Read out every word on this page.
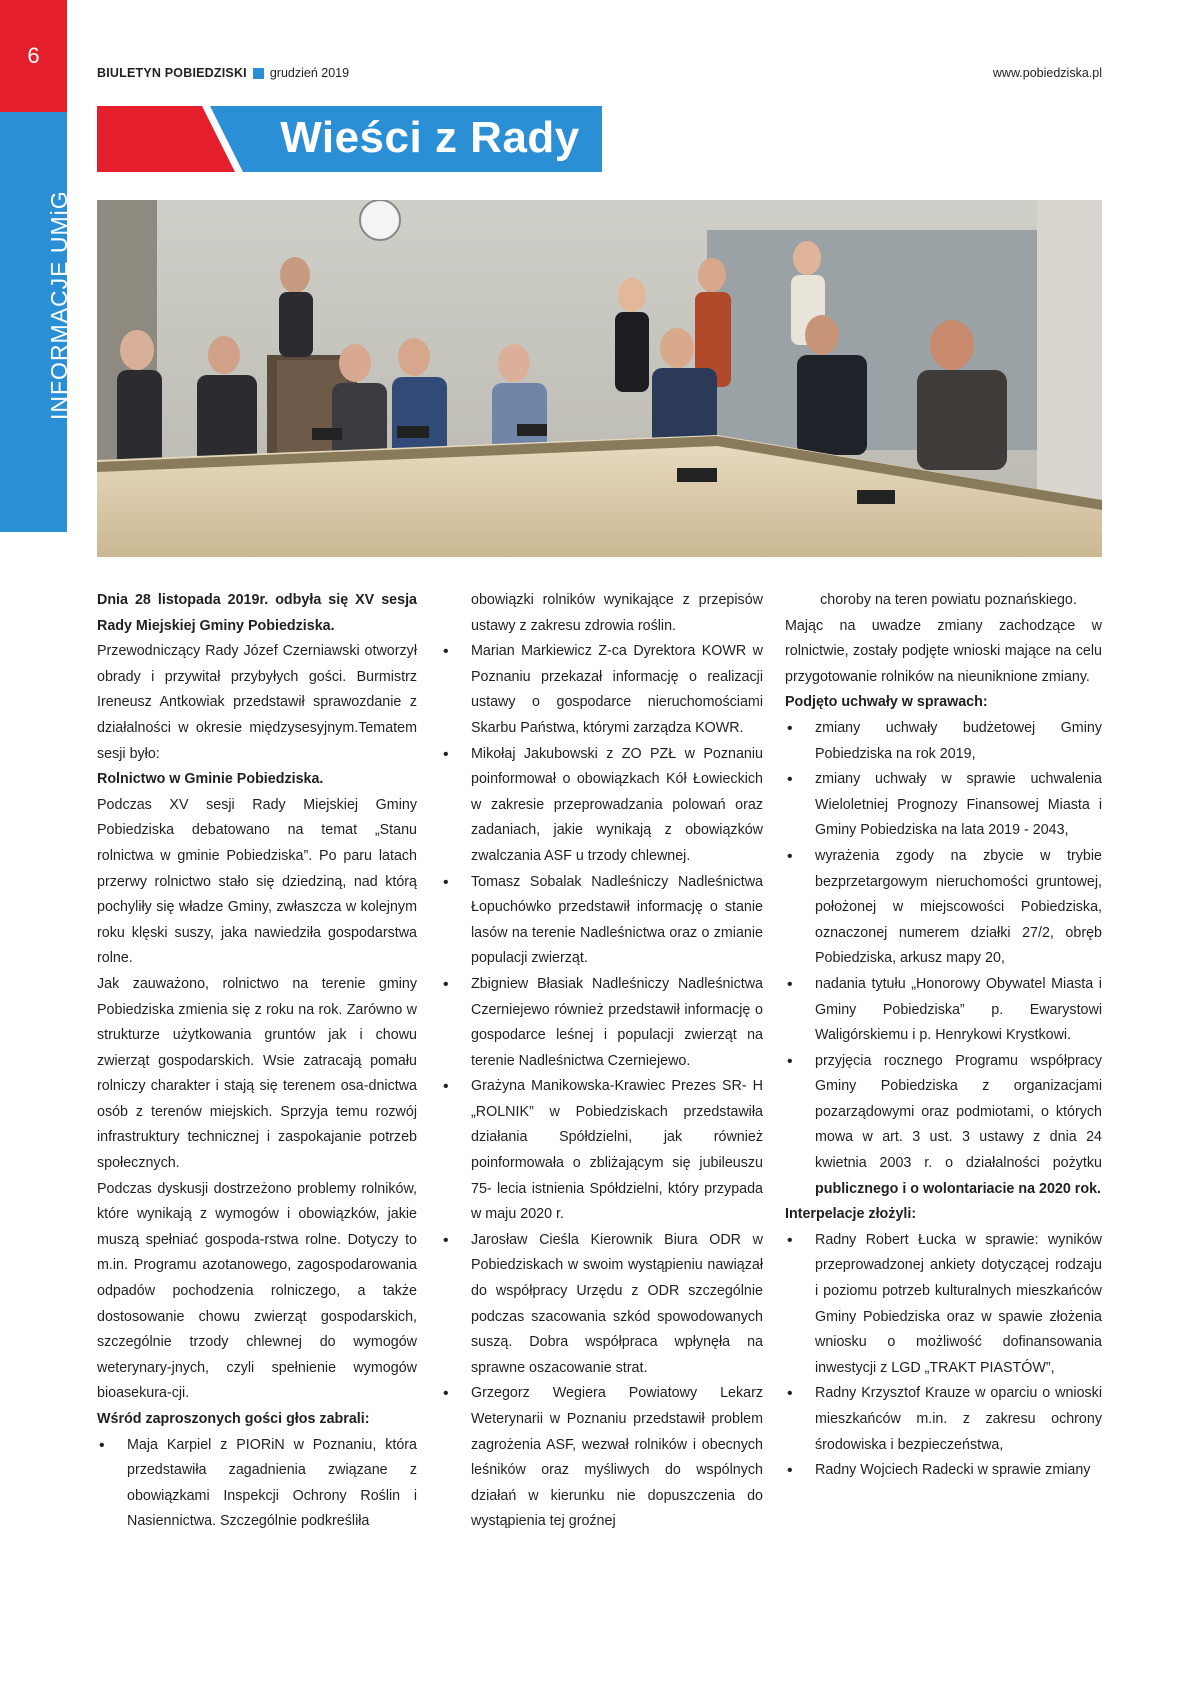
6
INFORMACJE UMiG
BIULETYN POBIEDZISKI grudzień 2019	www.pobiedziska.pl
Wieści z Rady

Dnia 28 listopada 2019r. odbyła się XV sesja Rady Miejskiej Gminy Pobiedziska.

Przewodniczący Rady Józef Czerniawski otworzył obrady i przywitał przybyłych gości. Burmistrz Ireneusz Antkowiak przedstawił sprawozdanie z działalności w okresie międzysesyjnym.Tematem sesji było:

Rolnictwo w Gminie Pobiedziska.

Podczas XV sesji Rady Miejskiej Gminy Pobiedziska debatowano na temat „Stanu rolnictwa w gminie Pobiedziska”. Po paru latach przerwy rolnictwo stało się dziedziną, nad którą pochyliły się władze Gminy, zwłaszcza w kolejnym roku klęski suszy, jaka nawiedziła gospodarstwa rolne.

Jak zauważono, rolnictwo na terenie gminy Pobiedziska zmienia się z roku na rok. Zarówno w strukturze użytkowania gruntów jak i chowu zwierząt gospodarskich. Wsie zatracają pomału rolniczy charakter i stają się terenem osa-dnictwa osób z terenów miejskich. Sprzyja temu rozwój infrastruktury technicznej i zaspokajanie potrzeb społecznych.

Podczas dyskusji dostrzeżono problemy rolników, które wynikają z wymogów i obowiązków, jakie muszą spełniać gospoda-rstwa rolne. Dotyczy to m.in. Programu azotanowego, zagospodarowania odpadów pochodzenia rolniczego, a także dostosowanie chowu zwierząt gospodarskich, szczególnie trzody chlewnej do wymogów weterynary-jnych, czyli spełnienie wymogów bioasekura-cji.

Wśród zaproszonych gości głos zabrali:

• Maja Karpiel z PIORiN w Poznaniu, która przedstawiła zagadnienia związane z obowiązkami Inspekcji Ochrony Roślin i Nasiennictwa. Szczególnie podkreśliła

obowiązki rolników wynikające z przepisów ustawy z zakresu zdrowia roślin.

• Marian Markiewicz Z-ca Dyrektora KOWR w Poznaniu przekazał informację o realizacji ustawy o gospodarce nieruchomościami Skarbu Państwa, którymi zarządza KOWR.
• Mikołaj Jakubowski z ZO PZŁ w Poznaniu poinformował o obowiązkach Kół Łowieckich w zakresie przeprowadzania polowań oraz zadaniach, jakie wynikają z obowiązków zwalczania ASF u trzody chlewnej.
• Tomasz Sobalak Nadleśniczy Nadleśnictwa Łopuchówko przedstawił informację o stanie lasów na terenie Nadleśnictwa oraz o zmianie populacji zwierząt.
• Zbigniew Błasiak Nadleśniczy Nadleśnictwa Czerniejewo również przedstawił informację o gospodarce leśnej i populacji zwierząt na terenie Nadleśnictwa Czerniejewo.
• Grażyna Manikowska-Krawiec Prezes SR- H „ROLNIK” w Pobiedziskach przedstawiła działania Spółdzielni, jak również poinformowała o zbliżającym się jubileuszu 75- lecia istnienia Spółdzielni, który przypada w maju 2020 r.
• Jarosław Cieśla Kierownik Biura ODR w Pobiedziskach w swoim wystąpieniu nawiązał do współpracy Urzędu z ODR szczególnie podczas szacowania szkód spowodowanych suszą. Dobra współpraca wpłynęła na sprawne oszacowanie strat.
• Grzegorz Wegiera Powiatowy Lekarz Weterynarii w Poznaniu przedstawił problem zagrożenia ASF, wezwał rolników i obecnych leśników oraz myśliwych do wspólnych działań w kierunku nie dopuszczenia do wystąpienia tej groźnej

choroby na teren powiatu poznańskiego.

Mając na uwadze zmiany zachodzące w rolnictwie, zostały podjęte wnioski mające na celu przygotowanie rolników na nieuniknione zmiany.

Podjęto uchwały w sprawach:

• zmiany uchwały budżetowej Gminy Pobiedziska na rok 2019,
• zmiany uchwały w sprawie uchwalenia Wieloletniej Prognozy Finansowej Miasta i Gminy Pobiedziska na lata 2019 - 2043,
• wyrażenia zgody na zbycie w trybie bezprzetargowym nieruchomości gruntowej, położonej w miejscowości Pobiedziska, oznaczonej numerem działki 27/2, obręb Pobiedziska, arkusz mapy 20,
• nadania tytułu „Honorowy Obywatel Miasta i Gminy Pobiedziska” p. Ewarystowi Waligórskiemu i p. Henrykowi Krystkowi.
• przyjęcia rocznego Programu współpracy Gminy Pobiedziska z organizacjami pozarządowymi oraz podmiotami, o których mowa w art. 3 ust. 3 ustawy z dnia 24 kwietnia 2003 r. o działalności pożytku publicznego i o wolontariacie na 2020 rok.

Interpelacje złożyli:

• Radny Robert Łucka w sprawie: wyników przeprowadzonej ankiety dotyczącej rodzaju i poziomu potrzeb kulturalnych mieszkańców Gminy Pobiedziska oraz w spawie złożenia wniosku o możliwość dofinansowania inwestycji z LGD „TRAKT PIASTÓW”,
• Radny Krzysztof Krauze w oparciu o wnioski mieszkańców m.in. z zakresu ochrony środowiska i bezpieczeństwa,
• Radny Wojciech Radecki w sprawie zmiany
